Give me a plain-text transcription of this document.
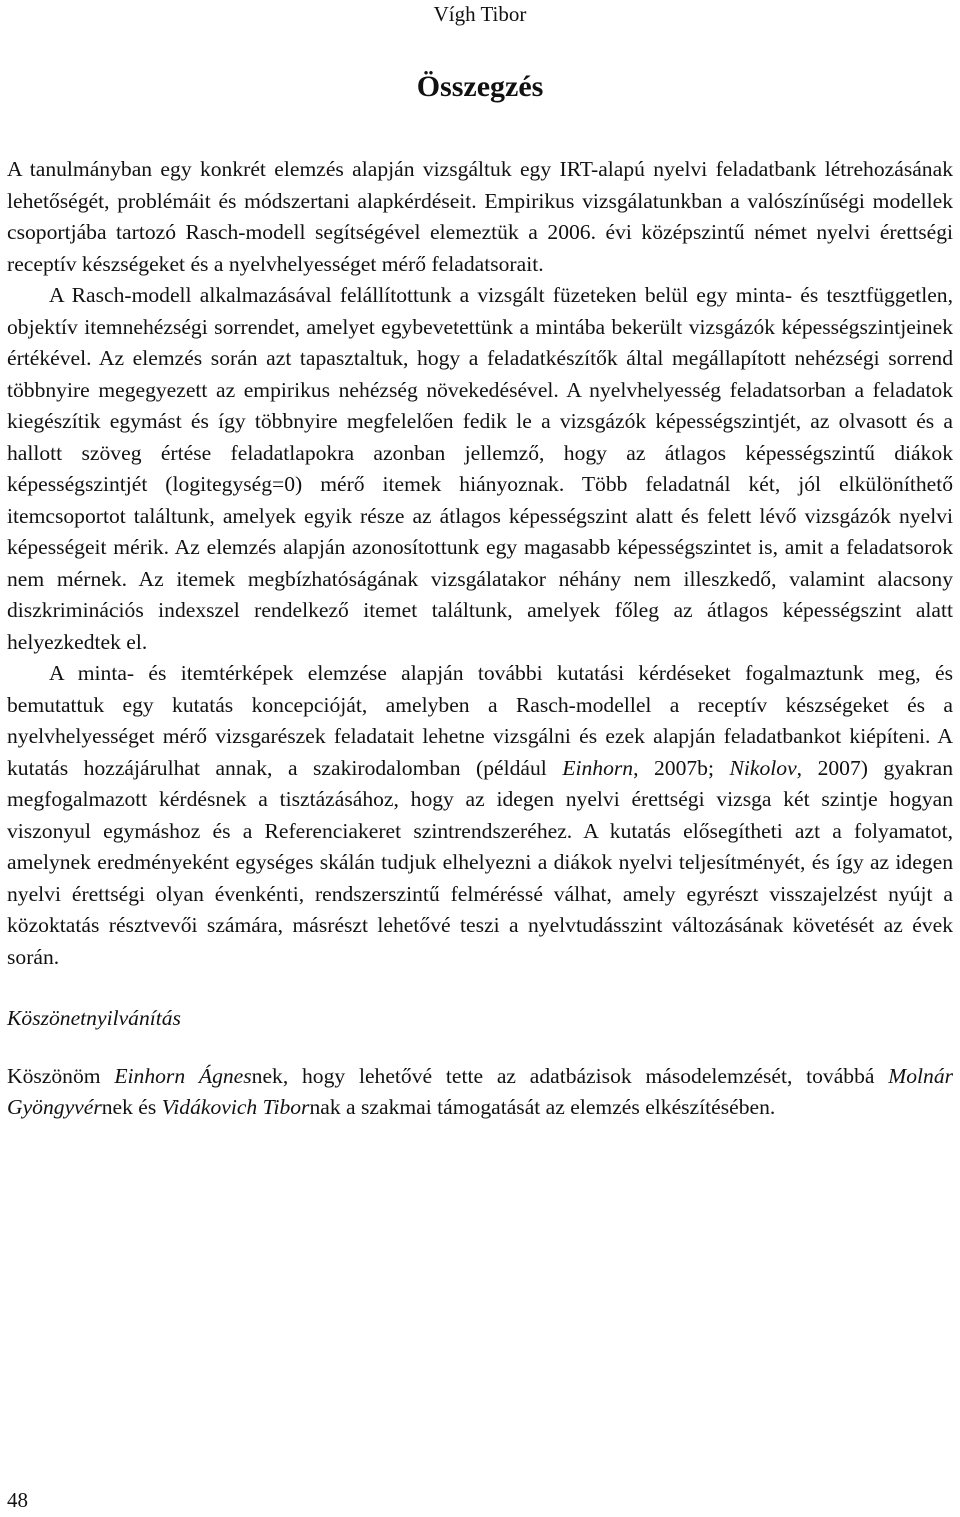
Vígh Tibor
Összegzés

A tanulmányban egy konkrét elemzés alapján vizsgáltuk egy IRT-alapú nyelvi feladatbank létrehozásának lehetőségét, problémáit és módszertani alapkérdéseit. Empirikus vizsgálatunkban a valószínűségi modellek csoportjába tartozó Rasch-modell segítségével elemeztük a 2006. évi középszintű német nyelvi érettségi receptív készségeket és a nyelvhelyességet mérő feladatsorait.

A Rasch-modell alkalmazásával felállítottunk a vizsgált füzeteken belül egy minta- és tesztfüggetlen, objektív itemnehézségi sorrendet, amelyet egybevetettünk a mintába bekerült vizsgázók képességszintjeinek értékével. Az elemzés során azt tapasztaltuk, hogy a feladatkészítők által megállapított nehézségi sorrend többnyire megegyezett az empirikus nehézség növekedésével. A nyelvhelyesség feladatsorban a feladatok kiegészítik egymást és így többnyire megfelelően fedik le a vizsgázók képességszintjét, az olvasott és a hallott szöveg értése feladatlapokra azonban jellemző, hogy az átlagos képességszintű diákok képességszintjét (logitegység=0) mérő itemek hiányoznak. Több feladatnál két, jól elkülöníthető itemcsoportot találtunk, amelyek egyik része az átlagos képességszint alatt és felett lévő vizsgázók nyelvi képességeit mérik. Az elemzés alapján azonosítottunk egy magasabb képességszintet is, amit a feladatsorok nem mérnek. Az itemek megbízhatóságának vizsgálatakor néhány nem illeszkedő, valamint alacsony diszkriminációs indexszel rendelkező itemet találtunk, amelyek főleg az átlagos képességszint alatt helyezkedtek el.

A minta- és itemtérképek elemzése alapján további kutatási kérdéseket fogalmaztunk meg, és bemutattuk egy kutatás koncepcióját, amelyben a Rasch-modellel a receptív készségeket és a nyelvhelyességet mérő vizsgarészek feladatait lehetne vizsgálni és ezek alapján feladatbankot kiépíteni. A kutatás hozzájárulhat annak, a szakirodalomban (például Einhorn, 2007b; Nikolov, 2007) gyakran megfogalmazott kérdésnek a tisztázásához, hogy az idegen nyelvi érettségi vizsga két szintje hogyan viszonyul egymáshoz és a Referenciakeret szintrendszeréhez. A kutatás elősegítheti azt a folyamatot, amelynek eredményeként egységes skálán tudjuk elhelyezni a diákok nyelvi teljesítményét, és így az idegen nyelvi érettségi olyan évenkénti, rendszerszintű felméréssé válhat, amely egyrészt visszajelzést nyújt a közoktatás résztvevői számára, másrészt lehetővé teszi a nyelvtudásszint változásának követését az évek során.

Köszönetnyilvánítás

Köszönöm Einhorn Ágnesnek, hogy lehetővé tette az adatbázisok másodelemzését, továbbá Molnár Gyöngyvérnek és Vidákovich Tibornak a szakmai támogatását az elemzés elkészítésében.

48
